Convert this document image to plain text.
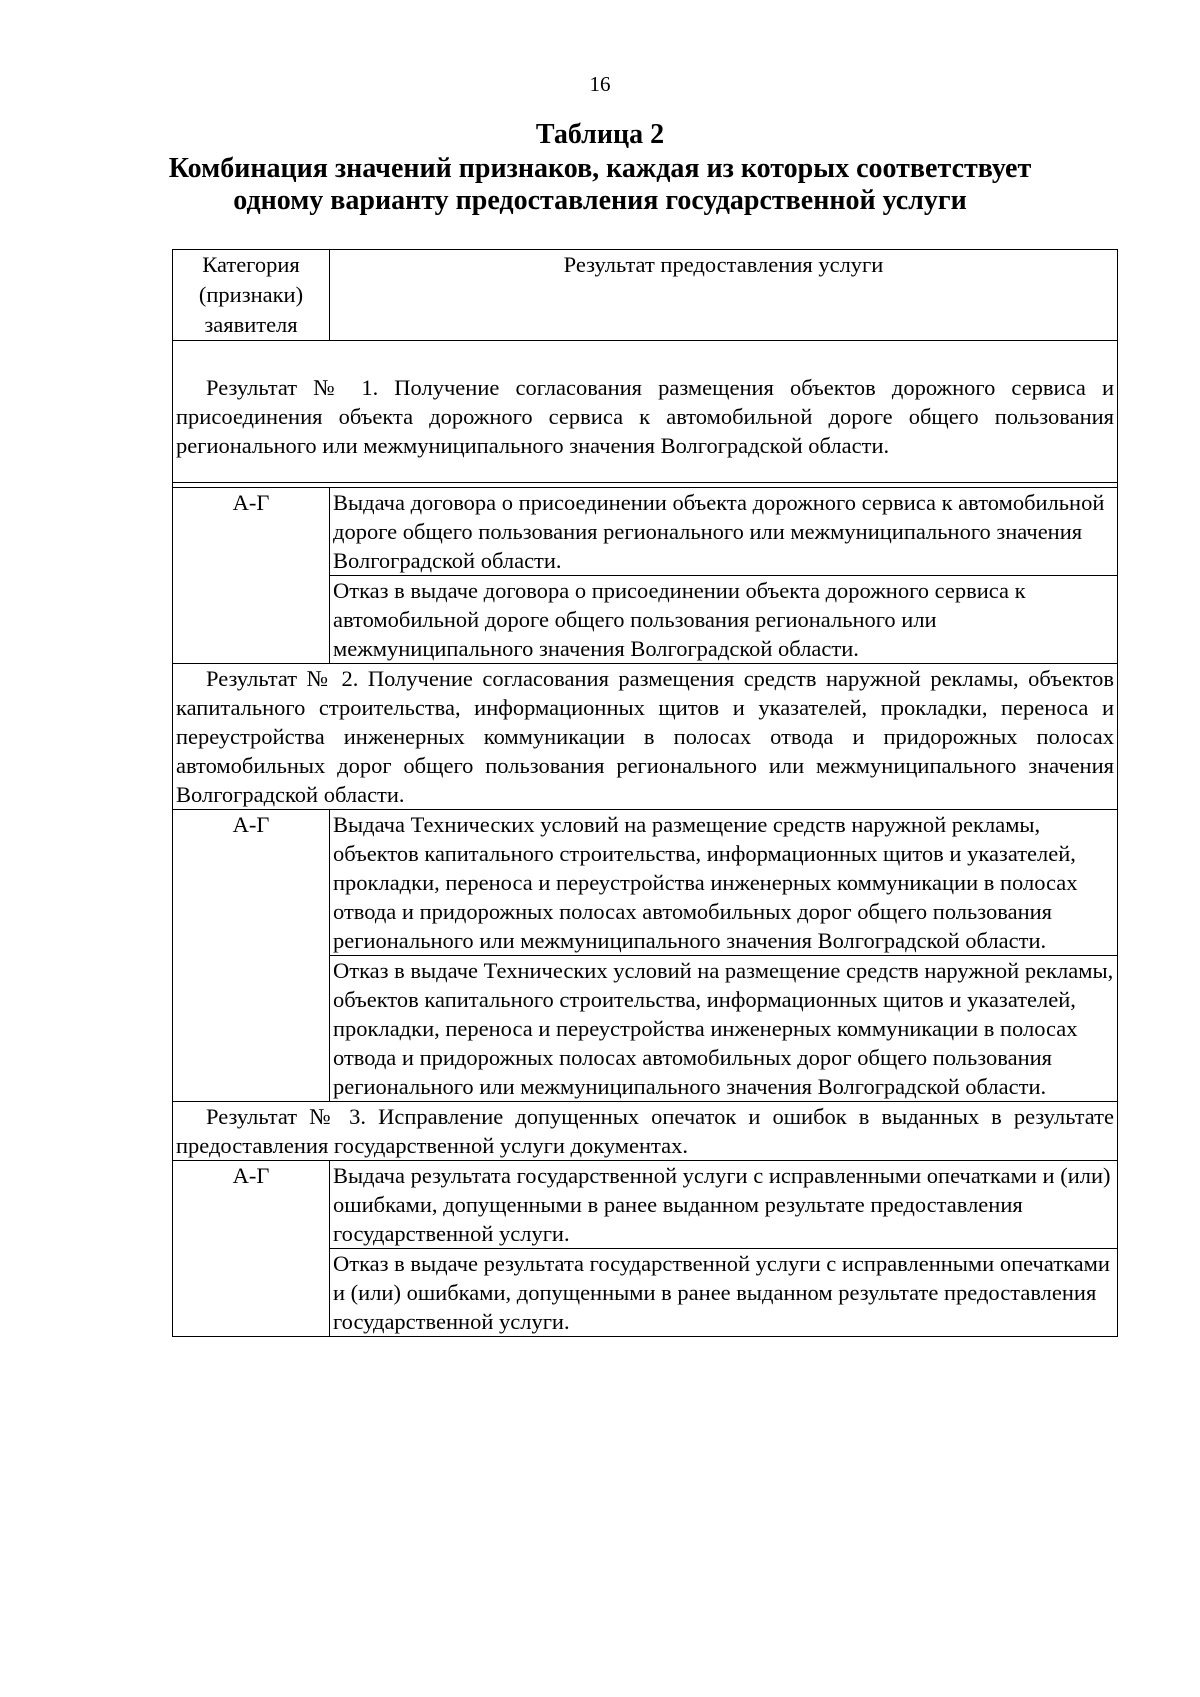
16
Таблица 2
Комбинация значений признаков, каждая из которых соответствует
одному варианту предоставления государственной услуги
Категория (признаки) заявителя	Результат предоставления услуги

Результат № 1. Получение согласования размещения объектов дорожного сервиса и присоединения объекта дорожного сервиса к автомобильной дороге общего пользования регионального или межмуниципального значения Волгоградской области.	

А-Г	Выдача договора о присоединении объекта дорожного сервиса к автомобильной дороге общего пользования регионального или межмуниципального значения Волгоградской области.
	Отказ в выдаче договора о присоединении объекта дорожного сервиса к автомобильной дороге общего пользования регионального или межмуниципального значения Волгоградской области.

Результат № 2. Получение согласования размещения средств наружной рекламы, объектов капитального строительства, информационных щитов и указателей, прокладки, переноса и переустройства инженерных коммуникации в полосах отвода и придорожных полосах автомобильных дорог общего пользования регионального или межмуниципального значения Волгоградской области.	

А-Г	Выдача Технических условий на размещение средств наружной рекламы, объектов капитального строительства, информационных щитов и указателей, прокладки, переноса и переустройства инженерных коммуникации в полосах отвода и придорожных полосах автомобильных дорог общего пользования регионального или межмуниципального значения Волгоградской области.
	Отказ в выдаче Технических условий на размещение средств наружной рекламы, объектов капитального строительства, информационных щитов и указателей, прокладки, переноса и переустройства инженерных коммуникации в полосах отвода и придорожных полосах автомобильных дорог общего пользования регионального или межмуниципального значения Волгоградской области.

Результат № 3. Исправление допущенных опечаток и ошибок в выданных в результате предоставления государственной услуги документах.	

А-Г	Выдача результата государственной услуги с исправленными опечатками и (или) ошибками, допущенными в ранее выданном результате предоставления государственной услуги.
	Отказ в выдаче результата государственной услуги с исправленными опечатками и (или) ошибками, допущенными в ранее выданном результате предоставления государственной услуги.
